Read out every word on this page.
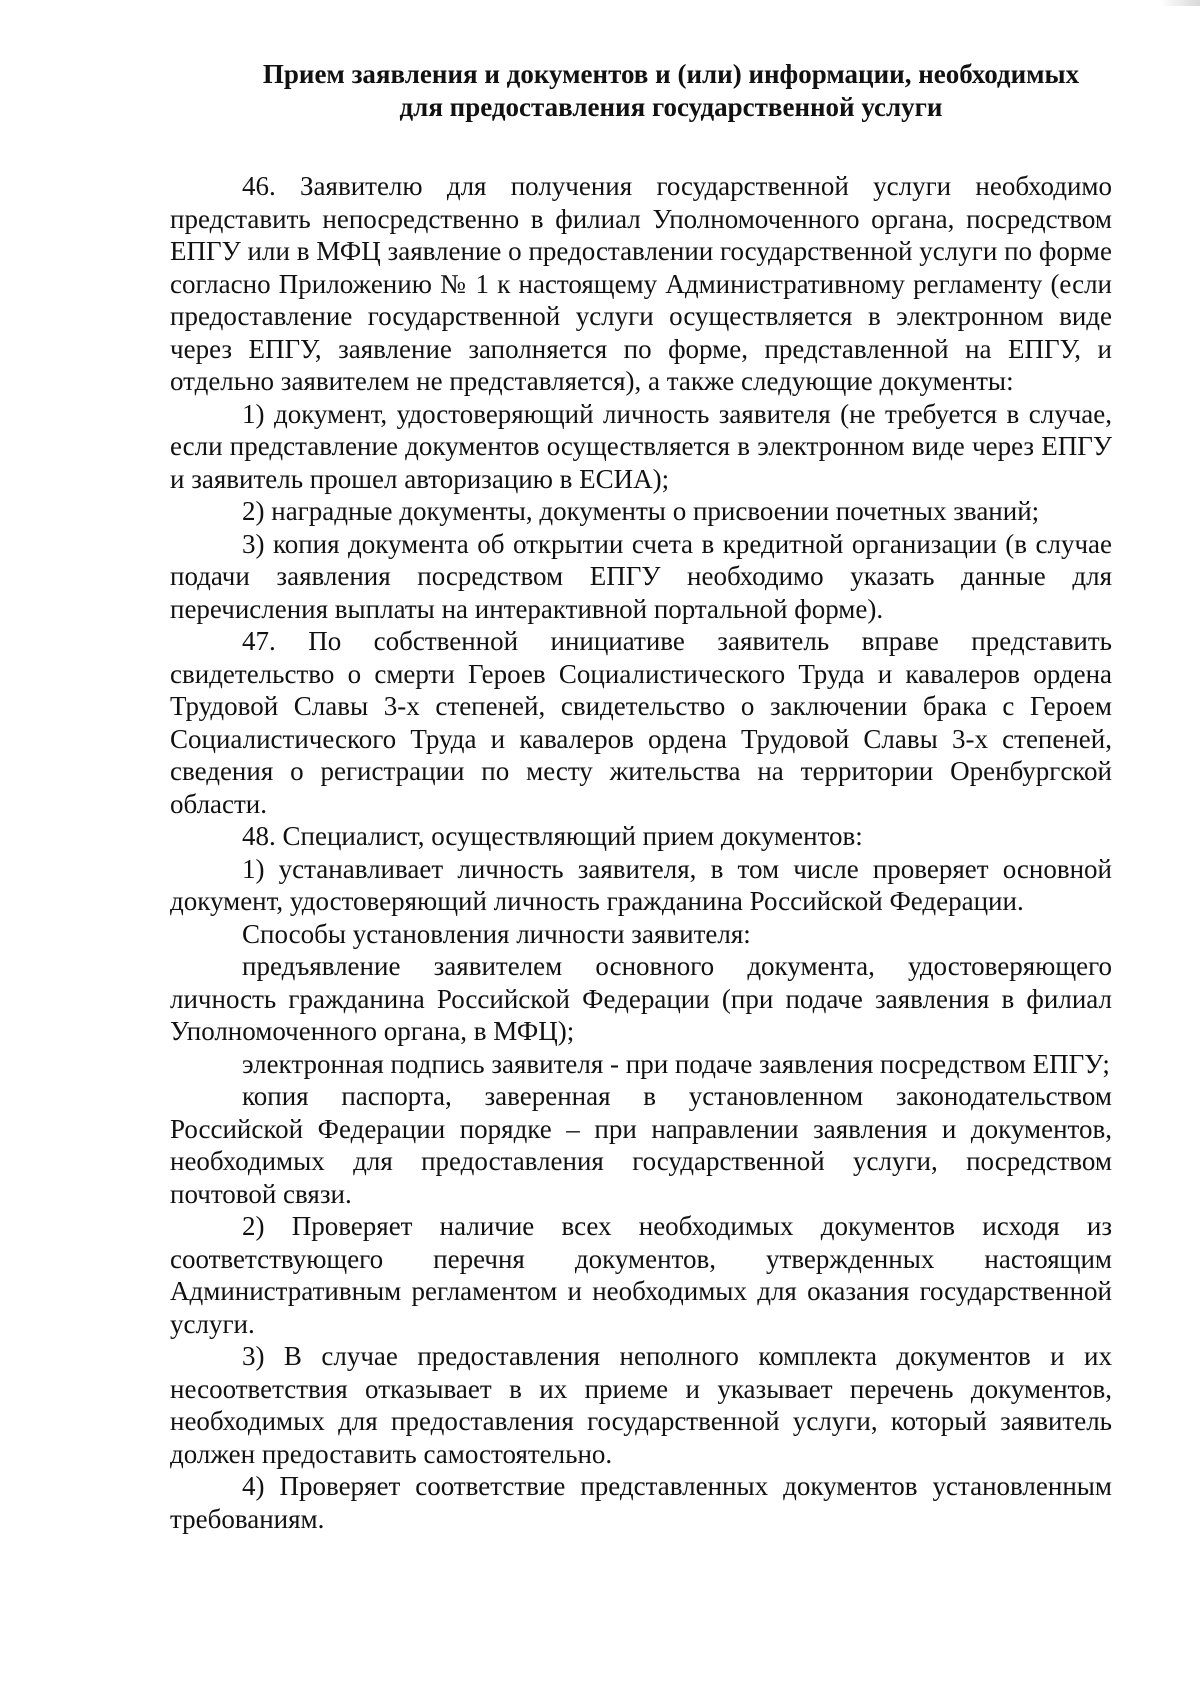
Прием заявления и документов и (или) информации, необходимых
для предоставления государственной услуги

46. Заявителю для получения государственной услуги необходимо представить непосредственно в филиал Уполномоченного органа, посредством ЕПГУ или в МФЦ заявление о предоставлении государственной услуги по форме согласно Приложению № 1 к настоящему Административному регламенту (если предоставление государственной услуги осуществляется в электронном виде через ЕПГУ, заявление заполняется по форме, представленной на ЕПГУ, и отдельно заявителем не представляется), а также следующие документы:

1) документ, удостоверяющий личность заявителя (не требуется в случае, если представление документов осуществляется в электронном виде через ЕПГУ и заявитель прошел авторизацию в ЕСИА);

2) наградные документы, документы о присвоении почетных званий;

3) копия документа об открытии счета в кредитной организации (в случае подачи заявления посредством ЕПГУ необходимо указать данные для перечисления выплаты на интерактивной портальной форме).

47. По собственной инициативе заявитель вправе представить свидетельство о смерти Героев Социалистического Труда и кавалеров ордена Трудовой Славы 3-х степеней, свидетельство о заключении брака с Героем Социалистического Труда и кавалеров ордена Трудовой Славы 3-х степеней, сведения о регистрации по месту жительства на территории Оренбургской области.

48. Специалист, осуществляющий прием документов:

1) устанавливает личность заявителя, в том числе проверяет основной документ, удостоверяющий личность гражданина Российской Федерации.

Способы установления личности заявителя:

предъявление заявителем основного документа, удостоверяющего личность гражданина Российской Федерации (при подаче заявления в филиал Уполномоченного органа, в МФЦ);

электронная подпись заявителя - при подаче заявления посредством ЕПГУ;

копия паспорта, заверенная в установленном законодательством Российской Федерации порядке – при направлении заявления и документов, необходимых для предоставления государственной услуги, посредством почтовой связи.

2) Проверяет наличие всех необходимых документов исходя из соответствующего перечня документов, утвержденных настоящим Административным регламентом и необходимых для оказания государственной услуги.

3) В случае предоставления неполного комплекта документов и их несоответствия отказывает в их приеме и указывает перечень документов, необходимых для предоставления государственной услуги, который заявитель должен предоставить самостоятельно.

4) Проверяет соответствие представленных документов установленным требованиям.
